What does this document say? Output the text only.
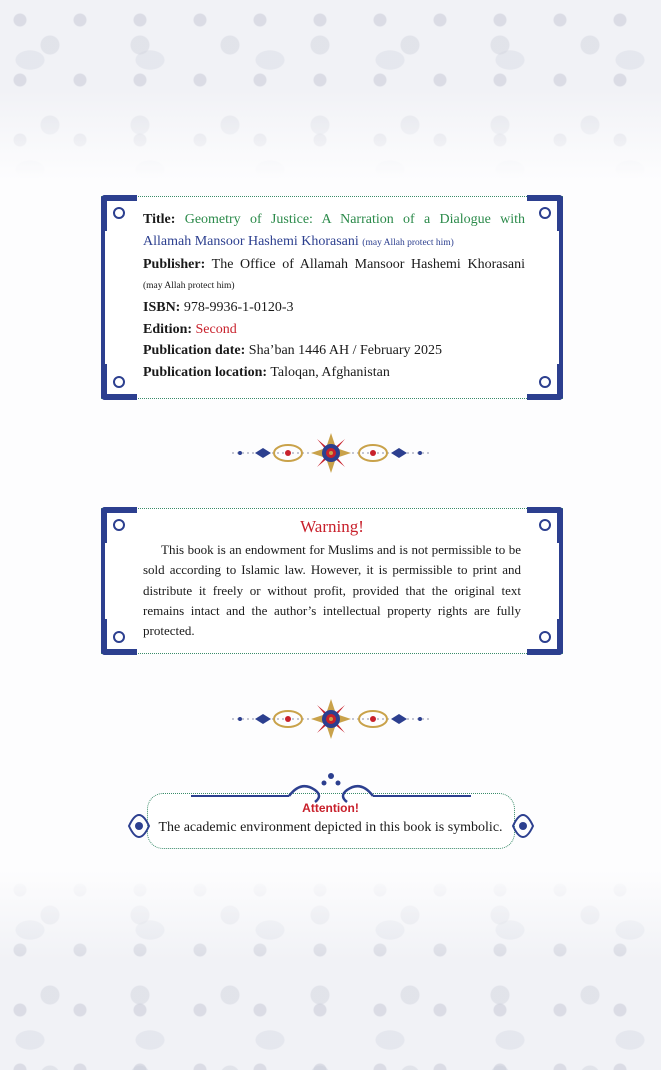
Title: Geometry of Justice: A Narration of a Dialogue with

Allamah Mansoor Hashemi Khorasani (may Allah protect him)

Publisher: The Office of Allamah Mansoor Hashemi Khorasani

(may Allah protect him)

ISBN: 978-9936-1-0120-3

Edition: Second

Publication date: Sha’ban 1446 AH / February 2025

Publication location: Taloqan, Afghanistan

Warning!
This book is an endowment for Muslims and is not permissible to be sold according to Islamic law. However, it is permissible to print and distribute it freely or without profit, provided that the original text remains intact and the author’s intellectual property rights are fully protected.
Attention!
The academic environment depicted in this book is symbolic.
